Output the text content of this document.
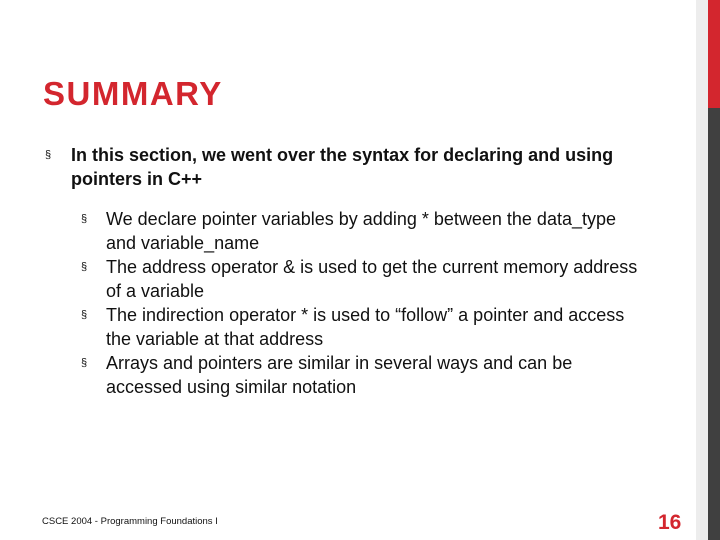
SUMMARY
§	In this section, we went over the syntax for declaring and using pointers in C++
§	We declare pointer variables by adding * between the data_type and variable_name
§	The address operator & is used to get the current memory address of a variable
§	The indirection operator * is used to “follow” a pointer and access the variable at that address
§	Arrays and pointers are similar in several ways and can be accessed using similar notation
CSCE 2004 - Programming Foundations I	16
